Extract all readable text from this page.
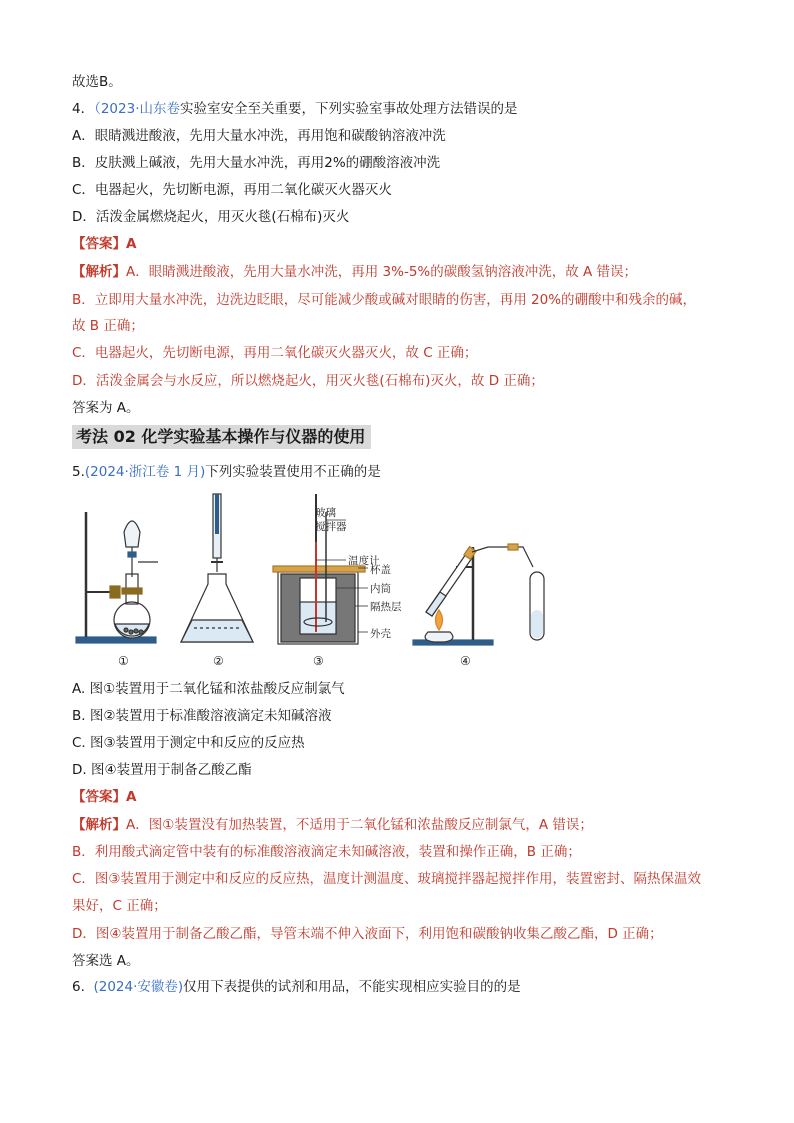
故选B。
4．（2023·山东卷实验室安全至关重要，下列实验室事故处理方法错误的是
A．眼睛溅进酸液，先用大量水冲洗，再用饱和碳酸钠溶液冲洗
B．皮肤溅上碱液，先用大量水冲洗，再用2%的硼酸溶液冲洗
C．电器起火，先切断电源，再用二氧化碳灭火器灭火
D．活泼金属燃烧起火，用灭火毯(石棉布)灭火
【答案】A
【解析】A．眼睛溅进酸液，先用大量水冲洗，再用 3%-5%的碳酸氢钠溶液冲洗，故 A 错误；
B．立即用大量水冲洗，边洗边眨眼，尽可能减少酸或碱对眼睛的伤害，再用 20%的硼酸中和残余的碱，
故 B 正确；
C．电器起火，先切断电源，再用二氧化碳灭火器灭火，故 C 正确；
D．活泼金属会与水反应，所以燃烧起火，用灭火毯(石棉布)灭火，故 D 正确；
答案为 A。
考法 02 化学实验基本操作与仪器的使用
5.(2024·浙江卷 1 月)下列实验装置使用不正确的是
玻璃
搅拌器
温度计
杯盖
内筒
隔热层
外壳
①	②	③	④
A. 图①装置用于二氧化锰和浓盐酸反应制氯气
B. 图②装置用于标准酸溶液滴定未知碱溶液
C. 图③装置用于测定中和反应的反应热
D. 图④装置用于制备乙酸乙酯
【答案】A
【解析】A．图①装置没有加热装置，不适用于二氧化锰和浓盐酸反应制氯气，A 错误；
B．利用酸式滴定管中装有的标准酸溶液滴定未知碱溶液，装置和操作正确，B 正确；
C．图③装置用于测定中和反应的反应热，温度计测温度、玻璃搅拌器起搅拌作用，装置密封、隔热保温效
果好，C 正确；
D．图④装置用于制备乙酸乙酯，导管末端不伸入液面下，利用饱和碳酸钠收集乙酸乙酯，D 正确；
答案选 A。
6. (2024·安徽卷)仅用下表提供的试剂和用品，不能实现相应实验目的的是
